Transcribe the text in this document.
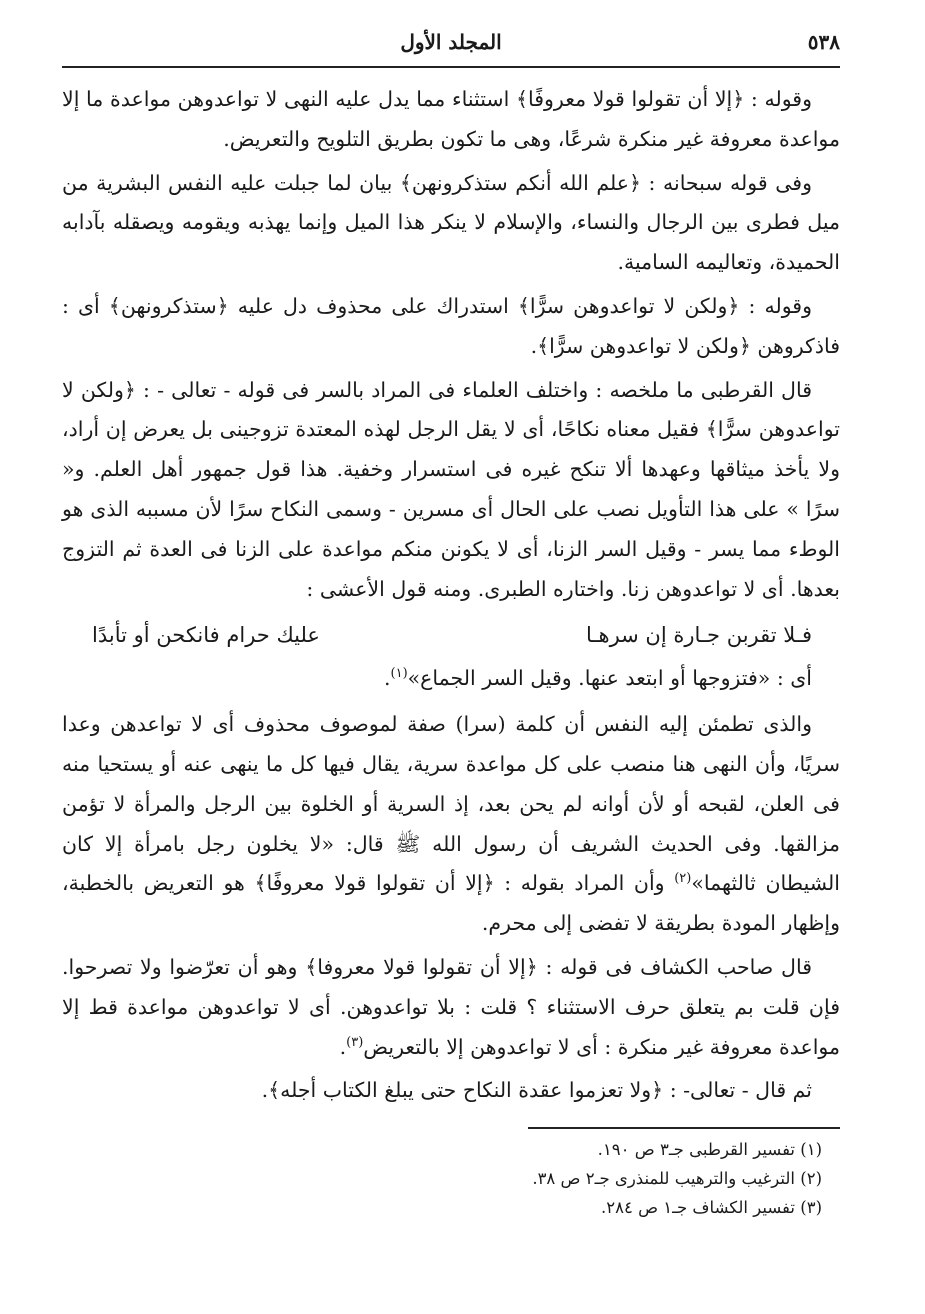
٥٣٨
المجلد الأول

وقوله : ﴿إلا أن تقولوا قولا معروفًا﴾ استثناء مما يدل عليه النهى لا تواعدوهن مواعدة ما إلا مواعدة معروفة غير منكرة شرعًا، وهى ما تكون بطريق التلويح والتعريض.

وفى قوله سبحانه : ﴿علم الله أنكم ستذكرونهن﴾ بيان لما جبلت عليه النفس البشرية من ميل فطرى بين الرجال والنساء، والإسلام لا ينكر هذا الميل وإنما يهذبه ويقومه ويصقله بآدابه الحميدة، وتعاليمه السامية.

وقوله : ﴿ولكن لا تواعدوهن سرًّا﴾ استدراك على محذوف دل عليه ﴿ستذكرونهن﴾ أى : فاذكروهن ﴿ولكن لا تواعدوهن سرًّا﴾.

قال القرطبى ما ملخصه : واختلف العلماء فى المراد بالسر فى قوله - تعالى - : ﴿ولكن لا تواعدوهن سرًّا﴾ فقيل معناه نكاحًا، أى لا يقل الرجل لهذه المعتدة تزوجينى بل يعرض إن أراد، ولا يأخذ ميثاقها وعهدها ألا تنكح غيره فى استسرار وخفية. هذا قول جمهور أهل العلم. و« سرًا » على هذا التأويل نصب على الحال أى مسرين - وسمى النكاح سرًا لأن مسببه الذى هو الوطء مما يسر - وقيل السر الزنا، أى لا يكونن منكم مواعدة على الزنا فى العدة ثم التزوج بعدها. أى لا تواعدوهن زنا. واختاره الطبرى. ومنه قول الأعشى :

فـلا تقربن جـارة إن سرهـا
عليك حرام فانكحن أو تأبدًا

أى : «فتزوجها أو ابتعد عنها. وقيل السر الجماع»$^{(١)}$.

والذى تطمئن إليه النفس أن كلمة (سرا) صفة لموصوف محذوف أى لا تواعدهن وعدا سريًا، وأن النهى هنا منصب على كل مواعدة سرية، يقال فيها كل ما ينهى عنه أو يستحيا منه فى العلن، لقبحه أو لأن أوانه لم يحن بعد، إذ السرية أو الخلوة بين الرجل والمرأة لا تؤمن مزالقها. وفى الحديث الشريف أن رسول الله ﷺ قال: «لا يخلون رجل بامرأة إلا كان الشيطان ثالثهما»$^{(٢)}$ وأن المراد بقوله : ﴿إلا أن تقولوا قولا معروفًا﴾ هو التعريض بالخطبة، وإظهار المودة بطريقة لا تفضى إلى محرم.

قال صاحب الكشاف فى قوله : ﴿إلا أن تقولوا قولا معروفا﴾ وهو أن تعرّضوا ولا تصرحوا. فإن قلت بم يتعلق حرف الاستثناء ؟ قلت : بلا تواعدوهن. أى لا تواعدوهن مواعدة قط إلا مواعدة معروفة غير منكرة : أى لا تواعدوهن إلا بالتعريض$^{(٣)}$.

ثم قال - تعالى- : ﴿ولا تعزموا عقدة النكاح حتى يبلغ الكتاب أجله﴾.

(١) تفسير القرطبى جـ٣ ص ١٩٠.

(٢) الترغيب والترهيب للمنذرى جـ٢ ص ٣٨.

(٣) تفسير الكشاف جـ١ ص ٢٨٤.
